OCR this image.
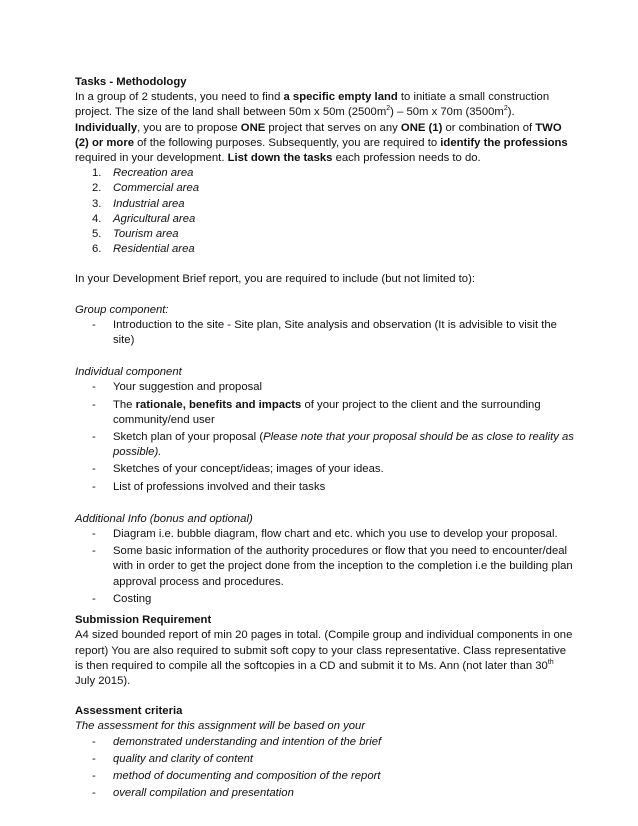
Tasks - Methodology

In a group of 2 students, you need to find a specific empty land to initiate a small construction project. The size of the land shall between 50m x 50m $(2500m^2) - 50m$ x 70m $(3500m^2)$.

Individually, you are to propose ONE project that serves on any ONE (1) or combination of TWO (2) or more of the following purposes. Subsequently, you are required to identify the professions required in your development. List down the tasks each profession needs to do.

1. Recreation area
2. Commercial area
3. Industrial area
4. Agricultural area
5. Tourism area
6. Residential area

In your Development Brief report, you are required to include (but not limited to):

Group component:

- Introduction to the site - Site plan, Site analysis and observation (It is advisible to visit the site)

Individual component

- Your suggestion and proposal
- The rationale, benefits and impacts of your project to the client and the surrounding community/end user
- Sketch plan of your proposal (Please note that your proposal should be as close to reality as possible).
- Sketches of your concept/ideas; images of your ideas.
- List of professions involved and their tasks

Additional Info (bonus and optional)

- Diagram i.e. bubble diagram, flow chart and etc. which you use to develop your proposal.
- Some basic information of the authority procedures or flow that you need to encounter/deal with in order to get the project done from the inception to the completion i.e the building plan approval process and procedures.
- Costing

Submission Requirement

A4 sized bounded report of min 20 pages in total. (Compile group and individual components in one report) You are also required to submit soft copy to your class representative. Class representative is then required to compile all the softcopies in a CD and submit it to Ms. Ann (not later than 30th July 2015).

Assessment criteria

The assessment for this assignment will be based on your

- demonstrated understanding and intention of the brief
- quality and clarity of content
- method of documenting and composition of the report
- overall compilation and presentation
